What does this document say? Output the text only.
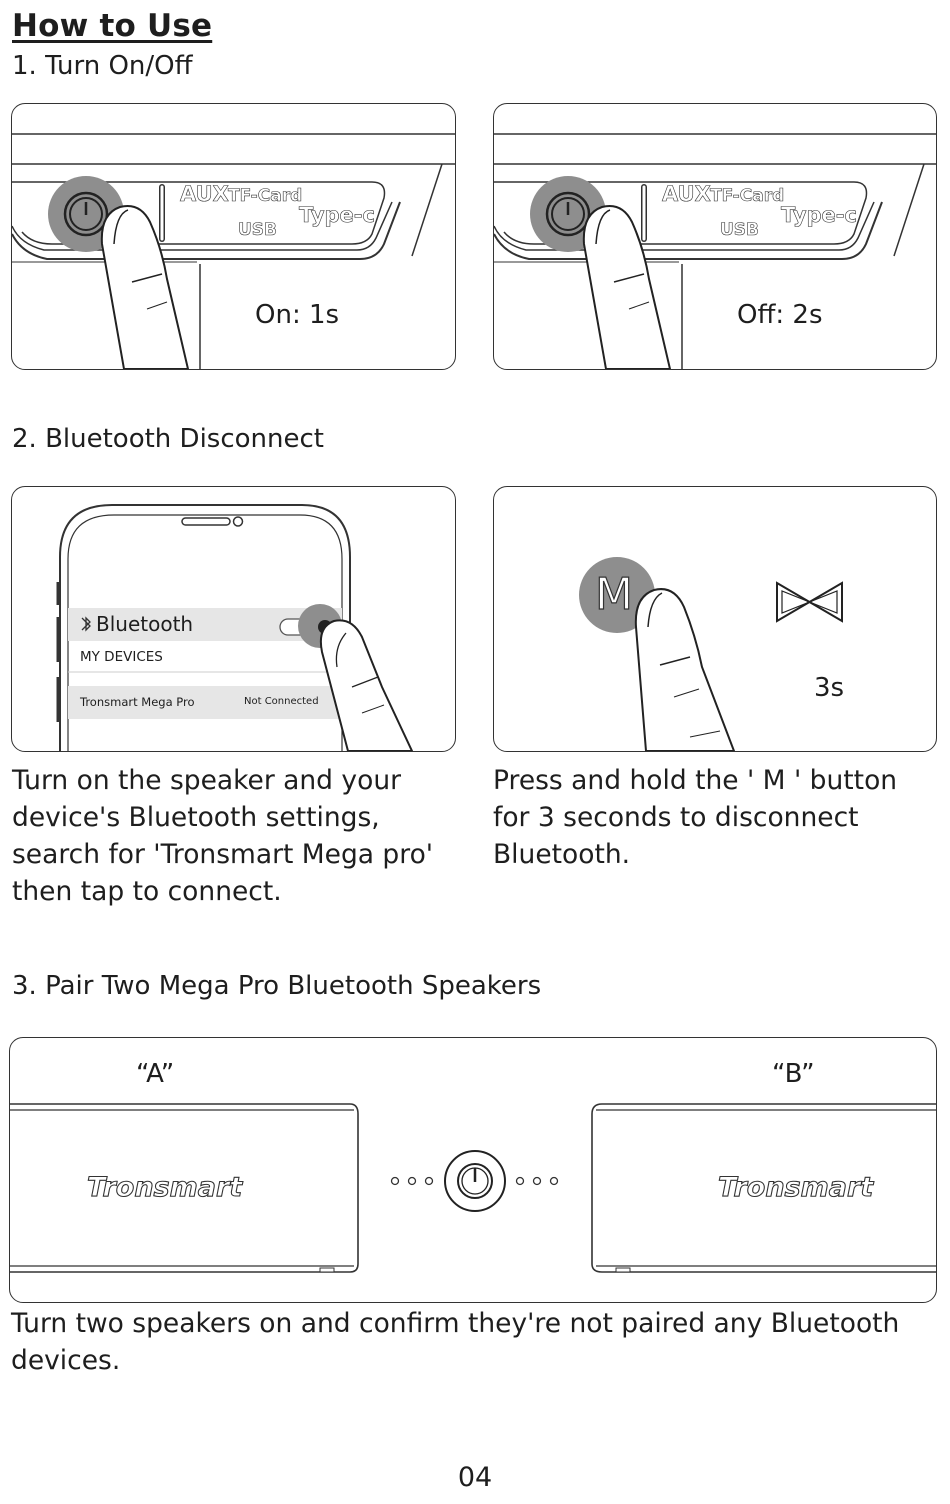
How to Use
1. Turn On/Off
AUX TF-Card
USB
Type-c
On: 1s
AUX TF-Card
USB
Type-c
Off: 2s
2. Bluetooth Disconnect
Bluetooth
MY DEVICES
Tronsmart Mega Pro	Not Connected
M
3s
Turn on the speaker and your device's Bluetooth settings, search for 'Tronsmart Mega pro' then tap to connect.
Press and hold the ' M ' button for 3 seconds to disconnect Bluetooth.
3. Pair Two Mega Pro Bluetooth Speakers
“A”	“B”
Tronsmart	Tronsmart
Turn two speakers on and confirm they're not paired any Bluetooth devices.
04
